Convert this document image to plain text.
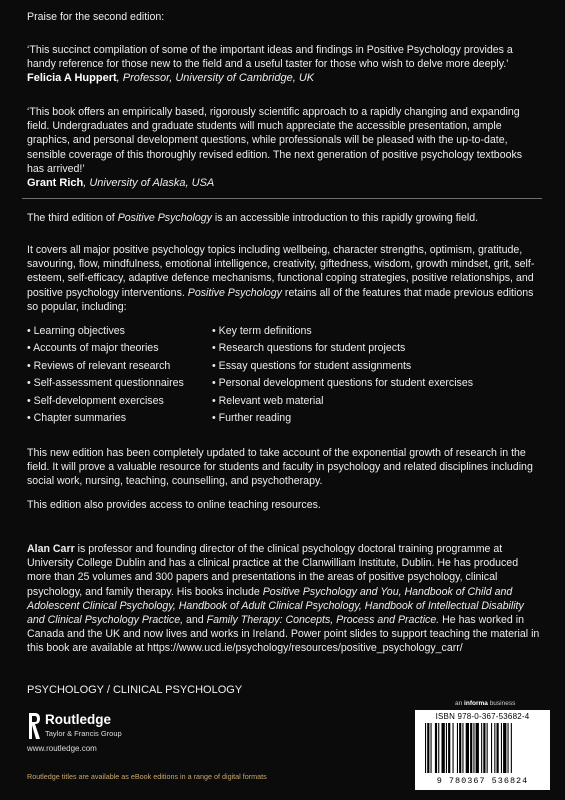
Praise for the second edition:
‘This succinct compilation of some of the important ideas and findings in Positive Psychology provides a handy reference for those new to the field and a useful taster for those who wish to delve more deeply.’
Felicia A Huppert, Professor, University of Cambridge, UK
‘This book offers an empirically based, rigorously scientific approach to a rapidly changing and expanding field. Undergraduates and graduate students will much appreciate the accessible presentation, ample graphics, and personal development questions, while professionals will be pleased with the up-to-date, sensible coverage of this thoroughly revised edition. The next generation of positive psychology textbooks has arrived!’
Grant Rich, University of Alaska, USA
The third edition of Positive Psychology is an accessible introduction to this rapidly growing field.
It covers all major positive psychology topics including wellbeing, character strengths, optimism, gratitude, savouring, flow, mindfulness, emotional intelligence, creativity, giftedness, wisdom, growth mindset, grit, self-esteem, self-efficacy, adaptive defence mechanisms, functional coping strategies, positive relationships, and positive psychology interventions. Positive Psychology retains all of the features that made previous editions so popular, including:
• Learning objectives	• Key term definitions
• Accounts of major theories	• Research questions for student projects
• Reviews of relevant research	• Essay questions for student assignments
• Self-assessment questionnaires	• Personal development questions for student exercises
• Self-development exercises	• Relevant web material
• Chapter summaries	• Further reading
This new edition has been completely updated to take account of the exponential growth of research in the field. It will prove a valuable resource for students and faculty in psychology and related disciplines including social work, nursing, teaching, counselling, and psychotherapy.
This edition also provides access to online teaching resources.
Alan Carr is professor and founding director of the clinical psychology doctoral training programme at University College Dublin and has a clinical practice at the Clanwilliam Institute, Dublin. He has produced more than 25 volumes and 300 papers and presentations in the areas of positive psychology, clinical psychology, and family therapy. His books include Positive Psychology and You, Handbook of Child and Adolescent Clinical Psychology, Handbook of Adult Clinical Psychology, Handbook of Intellectual Disability and Clinical Psychology Practice, and Family Therapy: Concepts, Process and Practice. He has worked in Canada and the UK and now lives and works in Ireland. Power point slides to support teaching the material in this book are available at https://www.ucd.ie/psychology/resources/positive_psychology_carr/
PSYCHOLOGY / CLINICAL PSYCHOLOGY
Routledge
Taylor & Francis Group
www.routledge.com
Routledge titles are available as eBook editions in a range of digital formats
an informa business
ISBN 978-0-367-53682-4
9 780367 536824
